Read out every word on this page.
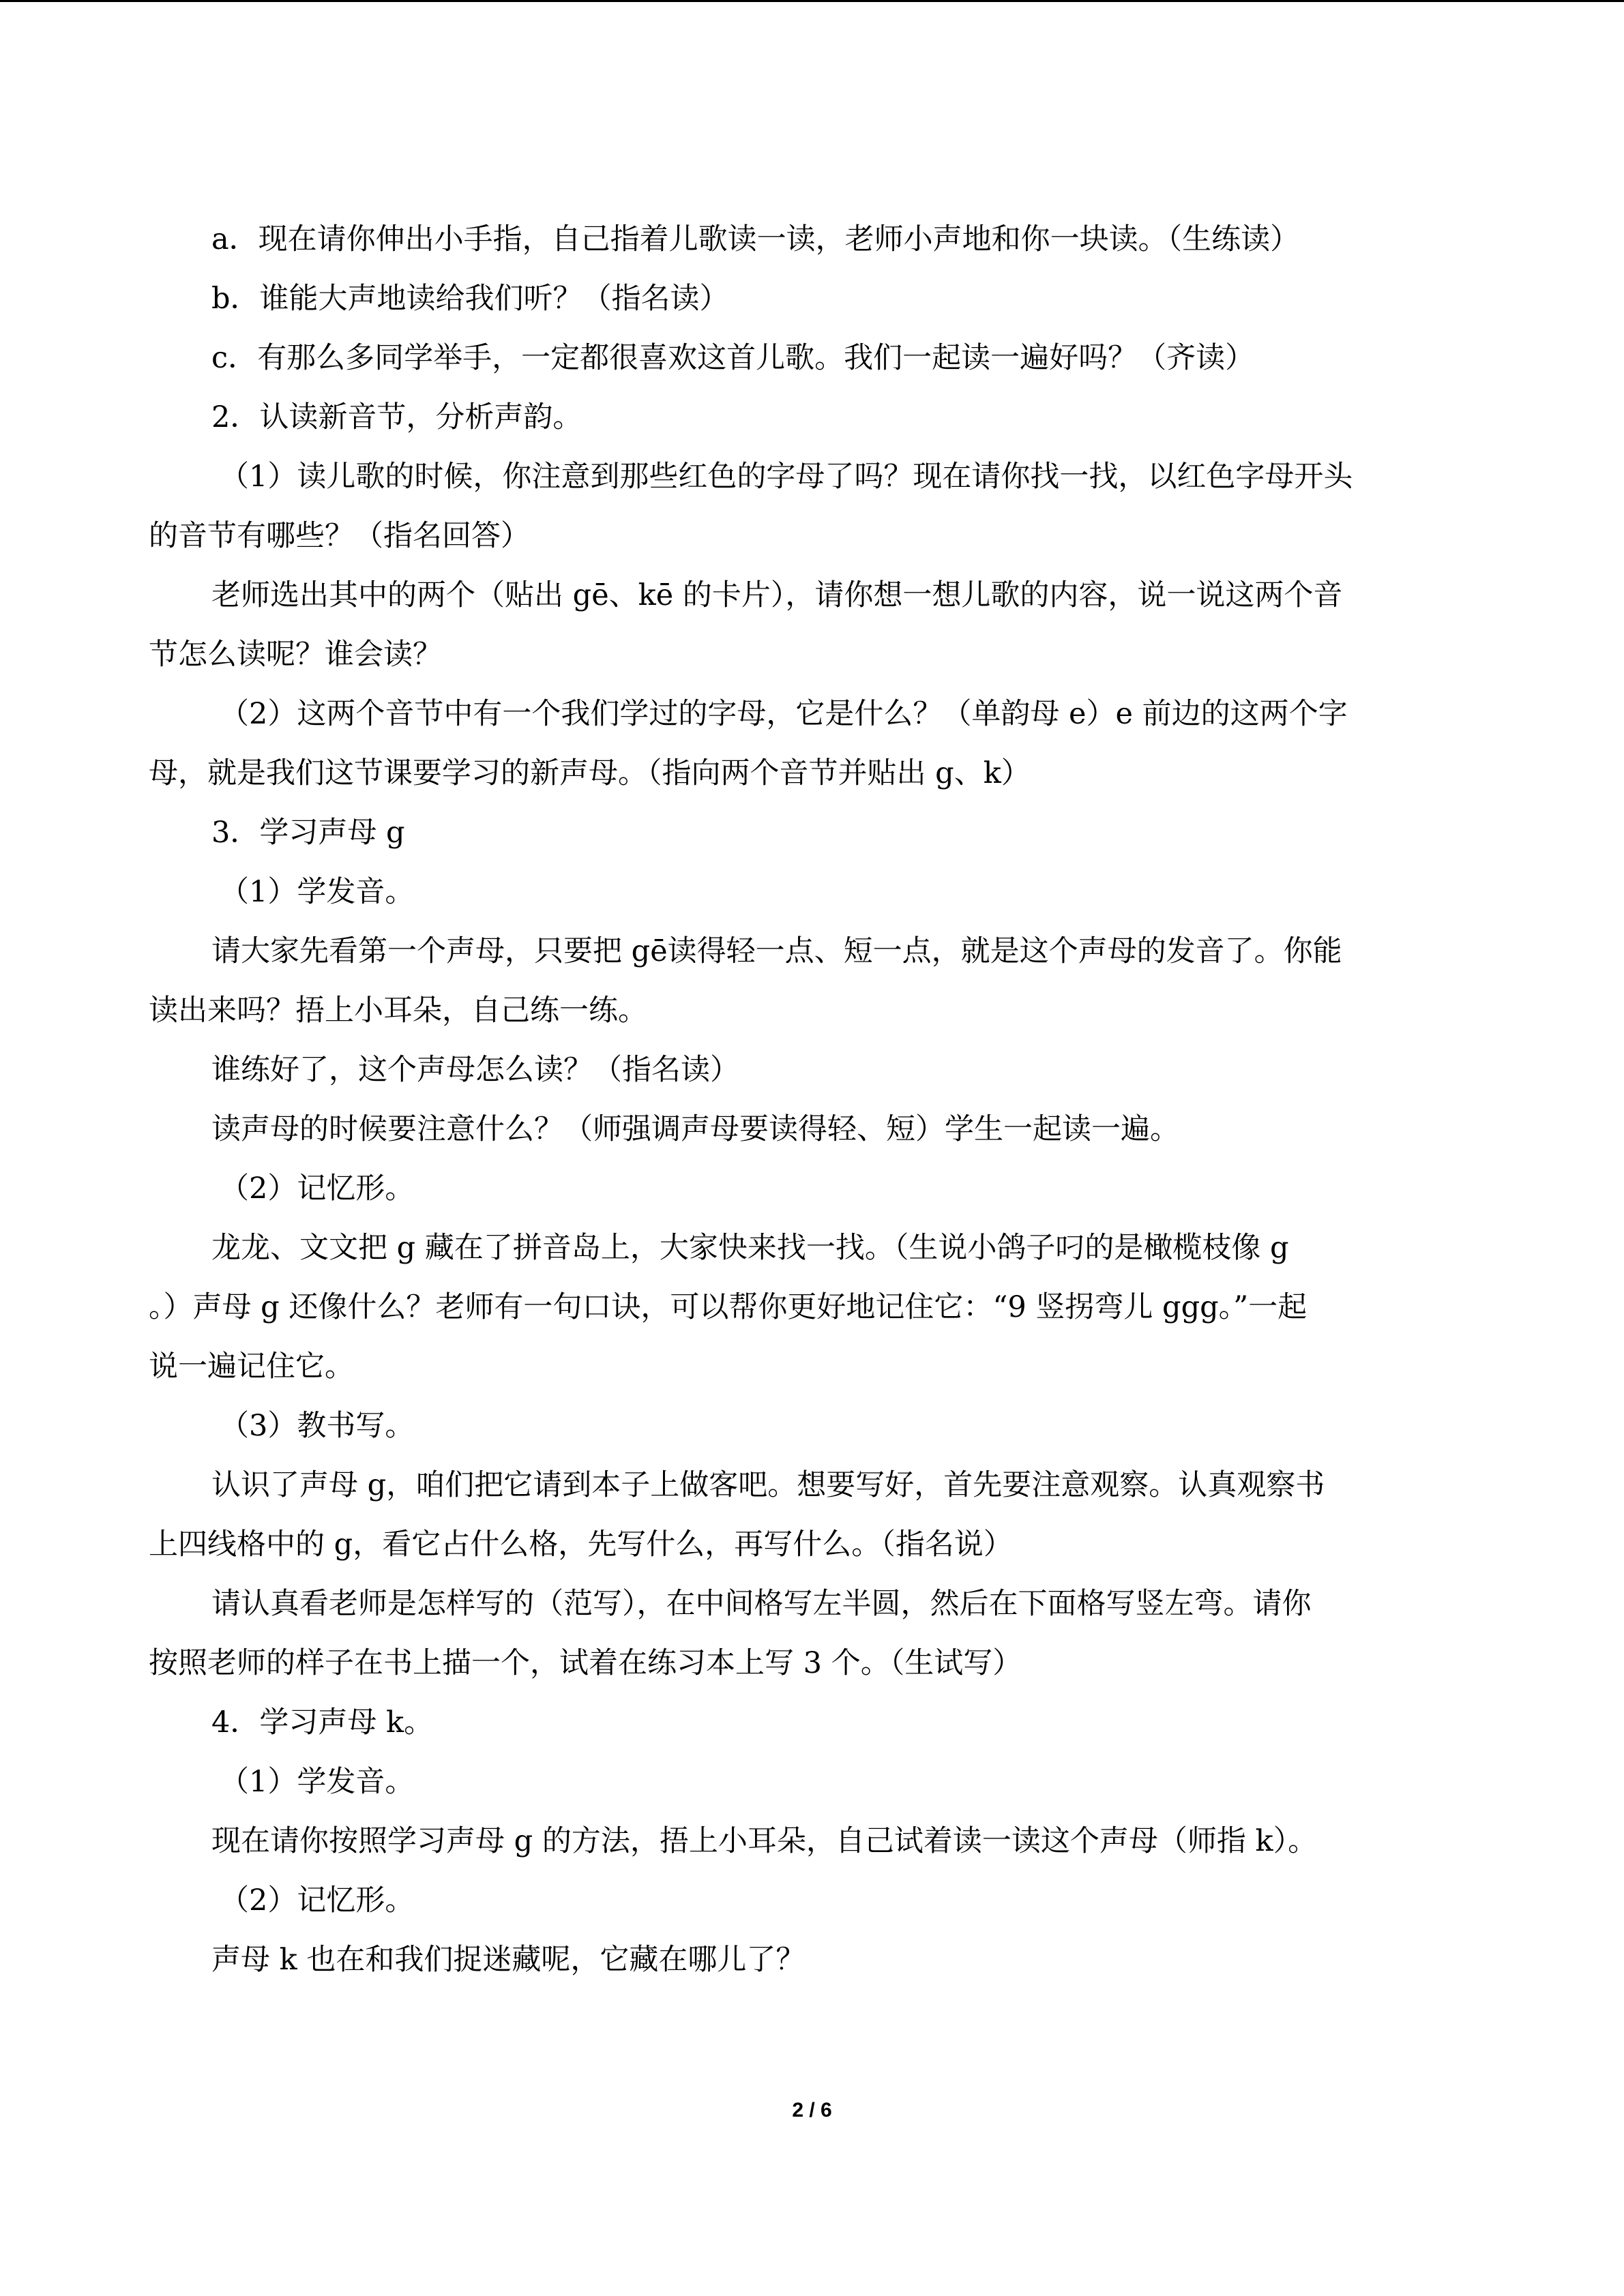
a．现在请你伸出小手指，自己指着儿歌读一读，老师小声地和你一块读。（生练读）
b．谁能大声地读给我们听？（指名读）
c．有那么多同学举手，一定都很喜欢这首儿歌。我们一起读一遍好吗？（齐读）
2．认读新音节，分析声韵。
（1）读儿歌的时候，你注意到那些红色的字母了吗？现在请你找一找，以红色字母开头
的音节有哪些？（指名回答）
老师选出其中的两个（贴出 gē、kē 的卡片），请你想一想儿歌的内容，说一说这两个音
节怎么读呢？谁会读？
（2）这两个音节中有一个我们学过的字母，它是什么？（单韵母 e）e 前边的这两个字
母，就是我们这节课要学习的新声母。（指向两个音节并贴出 g、k）
3．学习声母 g
（1）学发音。
请大家先看第一个声母，只要把 gē读得轻一点、短一点，就是这个声母的发音了。你能
读出来吗？捂上小耳朵，自己练一练。
谁练好了，这个声母怎么读？（指名读）
读声母的时候要注意什么？（师强调声母要读得轻、短）学生一起读一遍。
（2）记忆形。
龙龙、文文把 g 藏在了拼音岛上，大家快来找一找。（生说小鸽子叼的是橄榄枝像 g
。）声母 g 还像什么？老师有一句口诀，可以帮你更好地记住它：“9 竖拐弯儿 ggg。”一起
说一遍记住它。
（3）教书写。
认识了声母 g，咱们把它请到本子上做客吧。想要写好，首先要注意观察。认真观察书
上四线格中的 g，看它占什么格，先写什么，再写什么。（指名说）
请认真看老师是怎样写的（范写），在中间格写左半圆，然后在下面格写竖左弯。请你
按照老师的样子在书上描一个，试着在练习本上写 3 个。（生试写）
4．学习声母 k。
（1）学发音。
现在请你按照学习声母 g 的方法，捂上小耳朵，自己试着读一读这个声母（师指 k）。
（2）记忆形。
声母 k 也在和我们捉迷藏呢，它藏在哪儿了？
2 / 6
